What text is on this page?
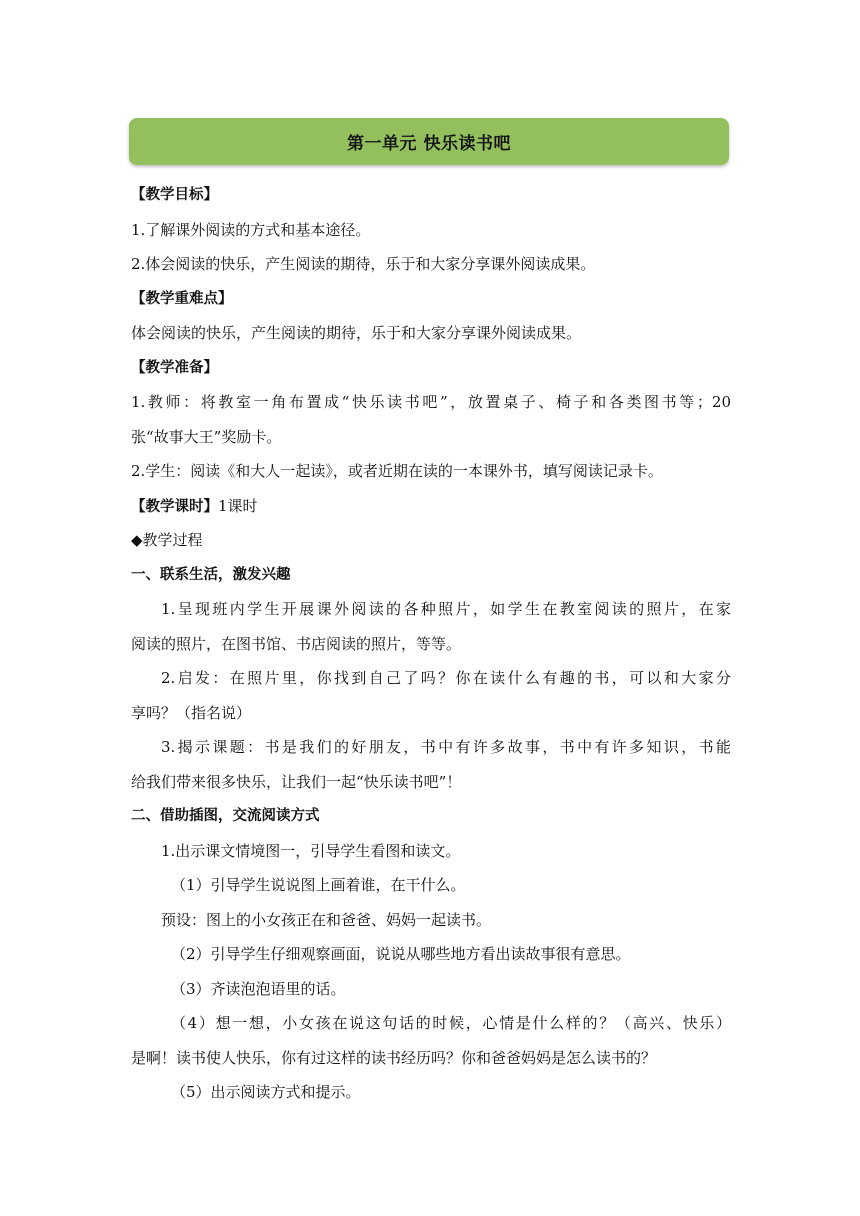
第一单元 快乐读书吧
【教学目标】
1.了解课外阅读的方式和基本途径。
2.体会阅读的快乐，产生阅读的期待，乐于和大家分享课外阅读成果。
【教学重难点】
体会阅读的快乐，产生阅读的期待，乐于和大家分享课外阅读成果。
【教学准备】
1.教师：将教室一角布置成“快乐读书吧”，放置桌子、椅子和各类图书等；20
张“故事大王”奖励卡。
2.学生：阅读《和大人一起读》，或者近期在读的一本课外书，填写阅读记录卡。
【教学课时】1课时
◆教学过程
一、联系生活，激发兴趣
1.呈现班内学生开展课外阅读的各种照片，如学生在教室阅读的照片，在家
阅读的照片，在图书馆、书店阅读的照片，等等。
2.启发：在照片里，你找到自己了吗？你在读什么有趣的书，可以和大家分
享吗？（指名说）
3.揭示课题：书是我们的好朋友，书中有许多故事，书中有许多知识，书能
给我们带来很多快乐，让我们一起“快乐读书吧”！
二、借助插图，交流阅读方式
1.出示课文情境图一，引导学生看图和读文。
（1）引导学生说说图上画着谁，在干什么。
预设：图上的小女孩正在和爸爸、妈妈一起读书。
（2）引导学生仔细观察画面，说说从哪些地方看出读故事很有意思。
（3）齐读泡泡语里的话。
（4）想一想，小女孩在说这句话的时候，心情是什么样的？（高兴、快乐）
是啊！读书使人快乐，你有过这样的读书经历吗？你和爸爸妈妈是怎么读书的？
（5）出示阅读方式和提示。
